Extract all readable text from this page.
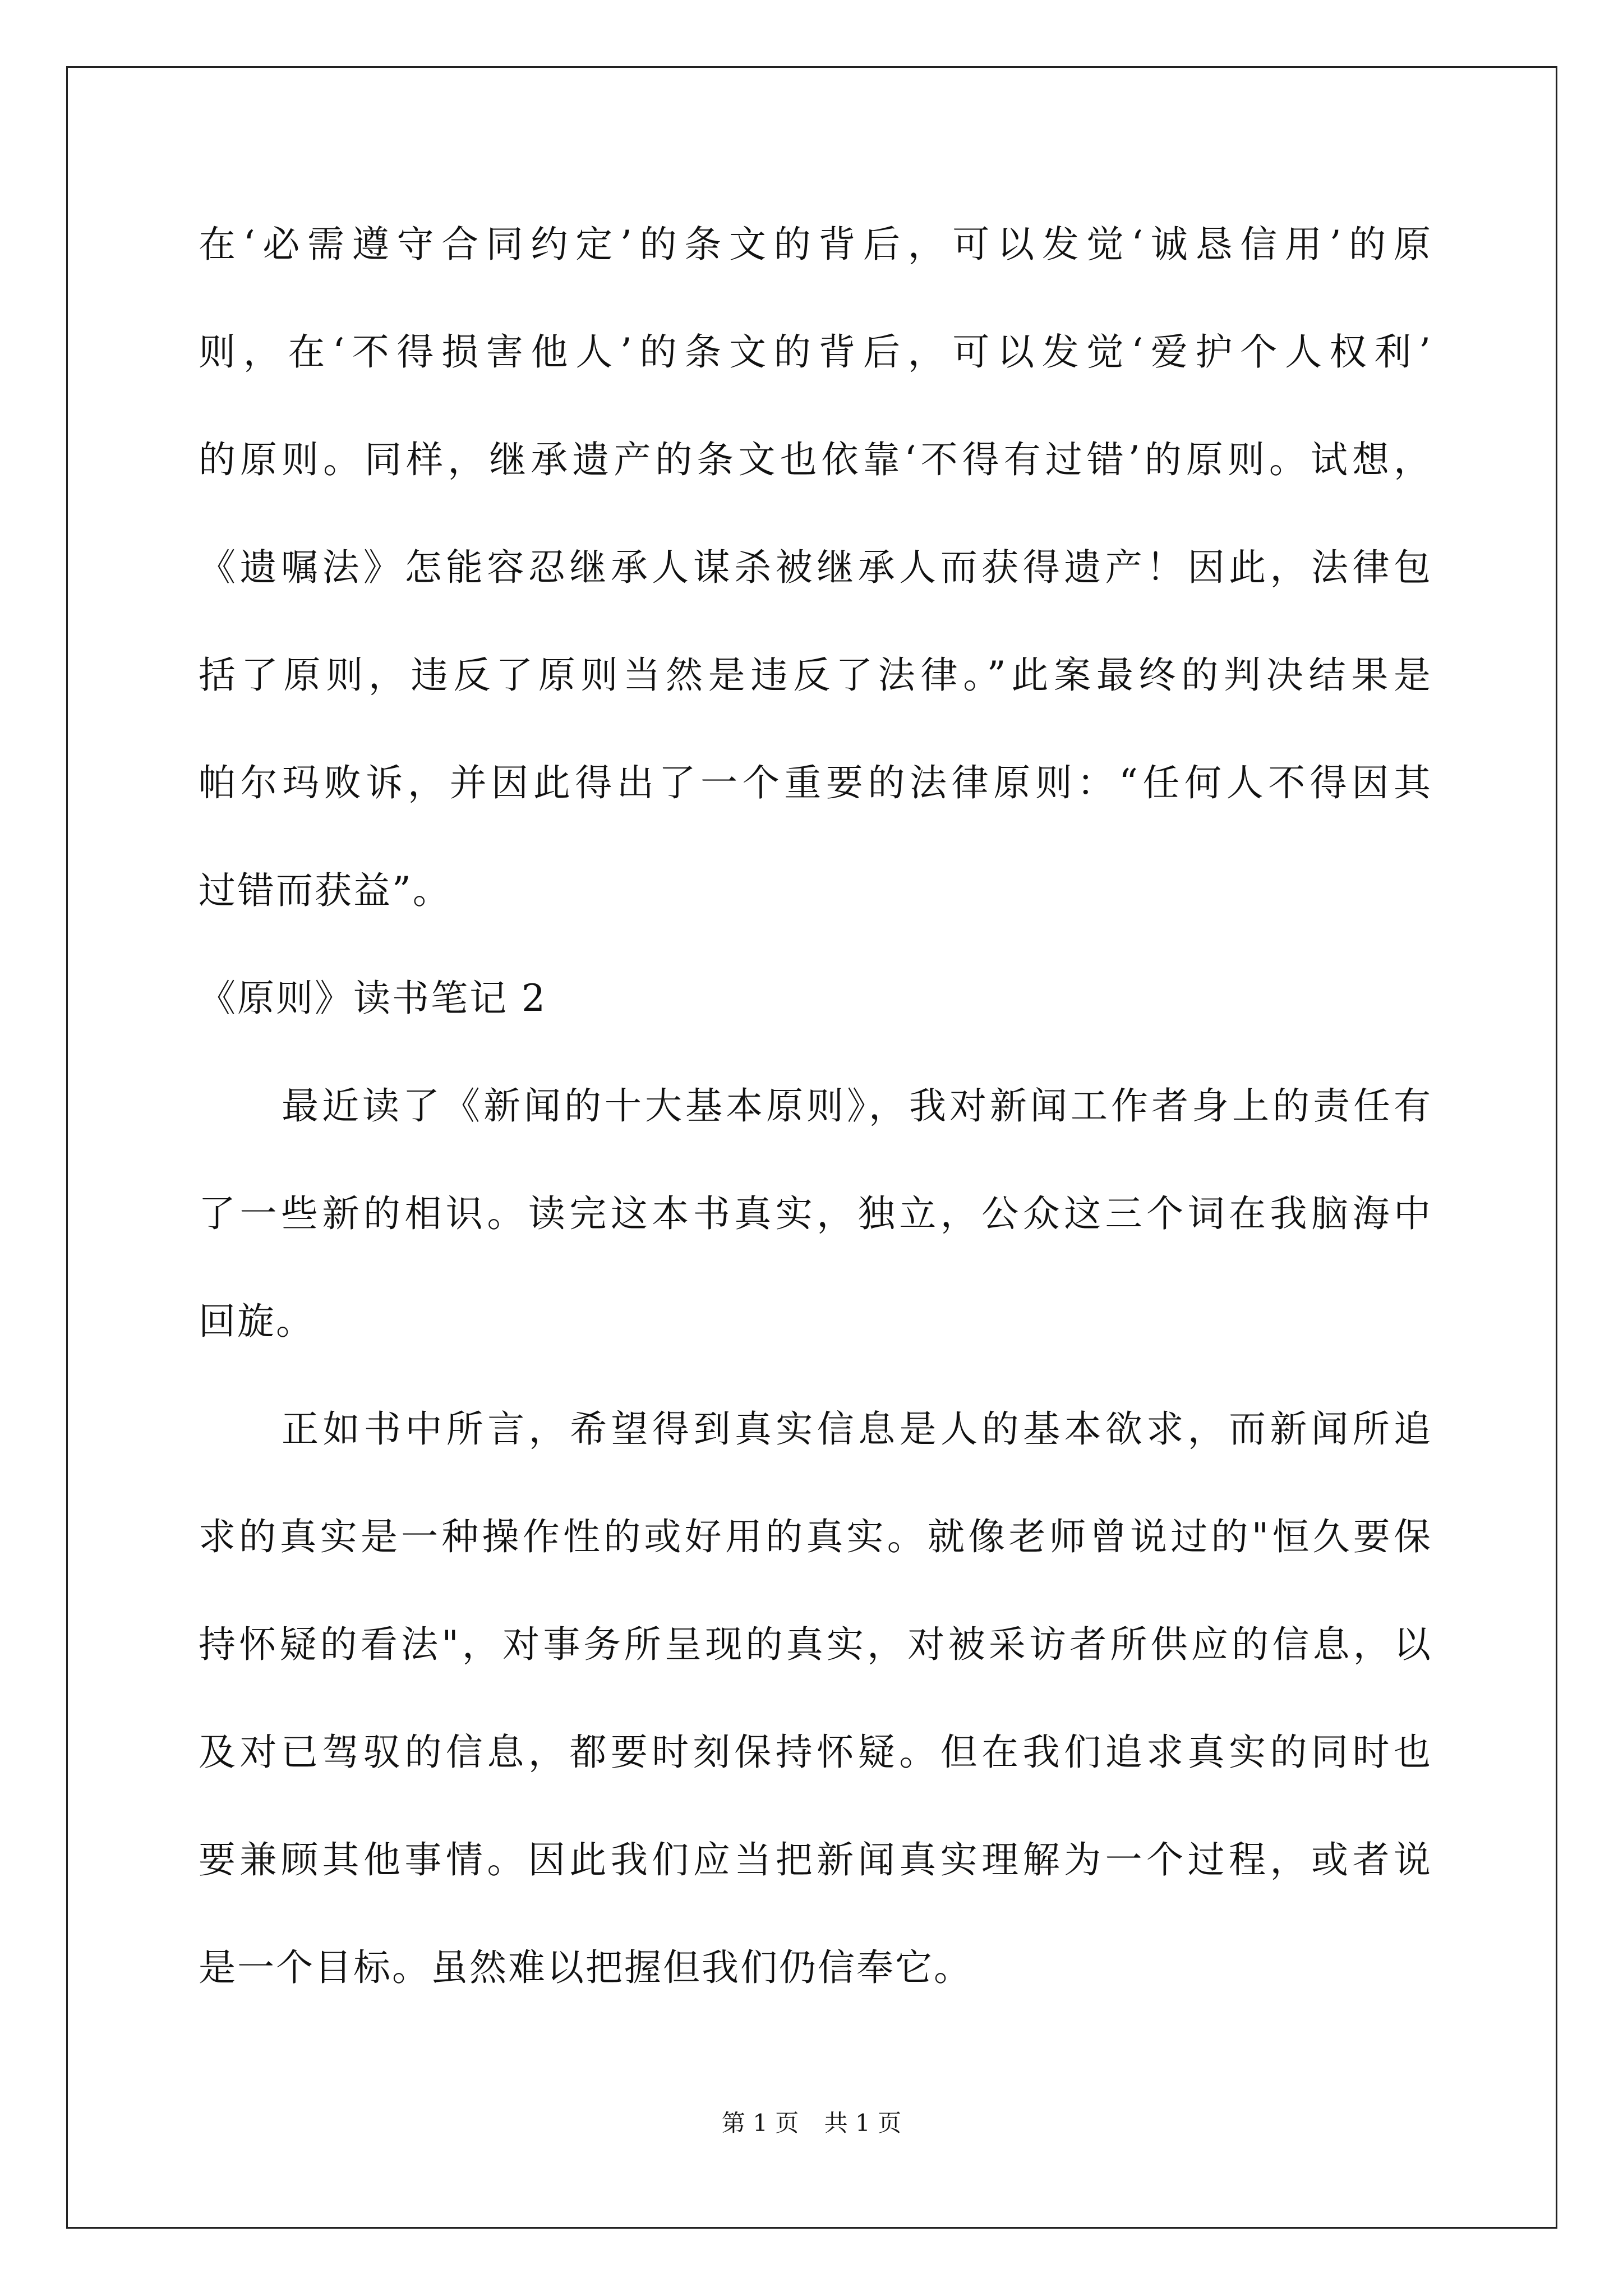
在‘必需遵守合同约定’的条文的背后，可以发觉‘诚恳信用’的原
则，在‘不得损害他人’的条文的背后，可以发觉‘爱护个人权利’
的原则。同样，继承遗产的条文也依靠‘不得有过错’的原则。试想，
《遗嘱法》怎能容忍继承人谋杀被继承人而获得遗产！因此，法律包
括了原则，违反了原则当然是违反了法律。”此案最终的判决结果是
帕尔玛败诉，并因此得出了一个重要的法律原则：“任何人不得因其
过错而获益”。
《原则》读书笔记 2
最近读了《新闻的十大基本原则》，我对新闻工作者身上的责任有
了一些新的相识。读完这本书真实，独立，公众这三个词在我脑海中
回旋。
正如书中所言，希望得到真实信息是人的基本欲求，而新闻所追
求的真实是一种操作性的或好用的真实。就像老师曾说过的"恒久要保
持怀疑的看法"，对事务所呈现的真实，对被采访者所供应的信息，以
及对已驾驭的信息，都要时刻保持怀疑。但在我们追求真实的同时也
要兼顾其他事情。因此我们应当把新闻真实理解为一个过程，或者说
是一个目标。虽然难以把握但我们仍信奉它。
第 1 页 共 1 页
